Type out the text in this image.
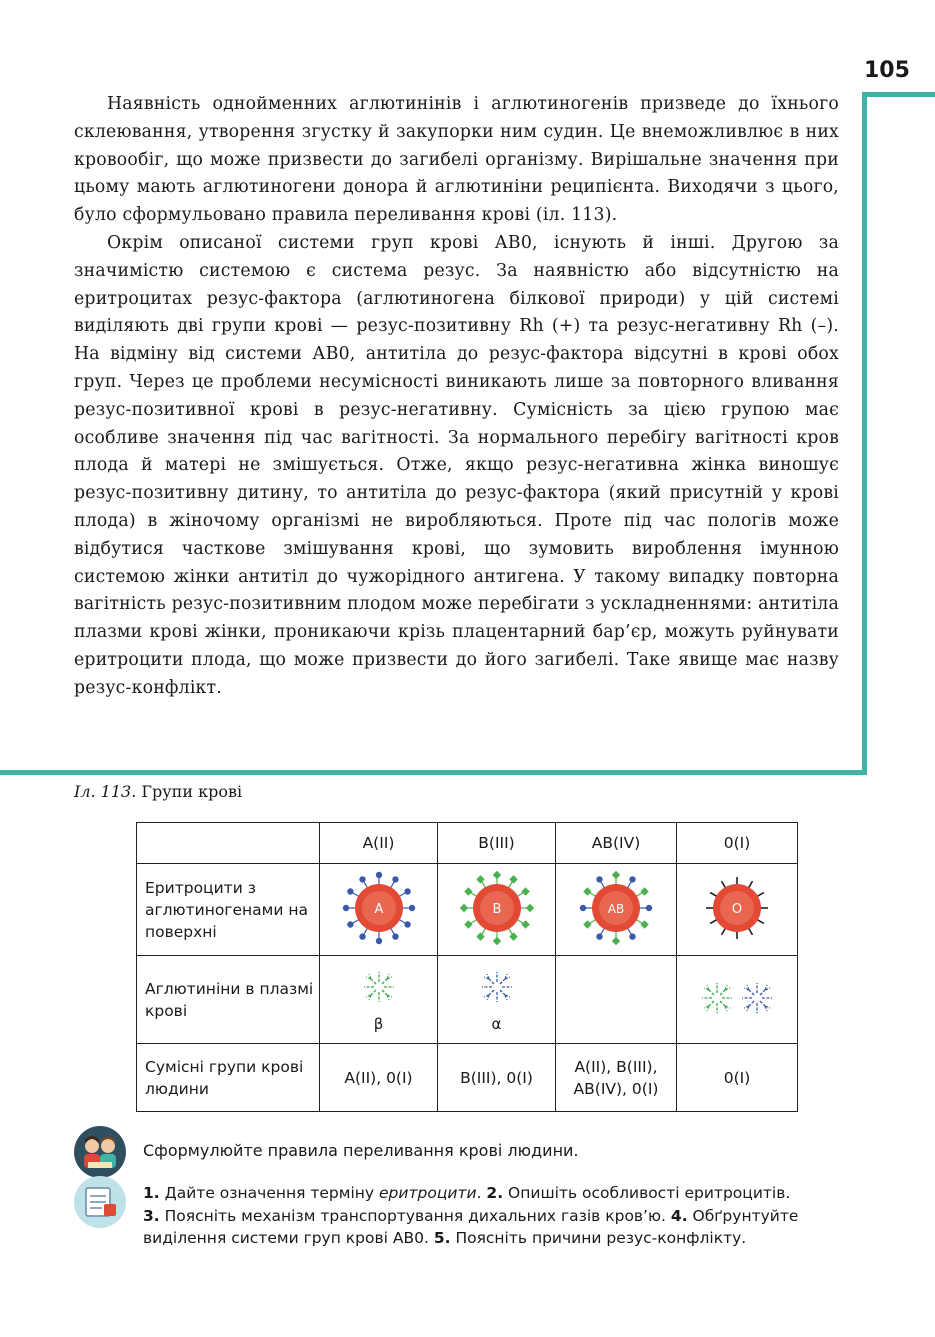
105

Наявність однойменних аглютинінів і аглютиногенів призведе до їхнього склеювання, утворення згустку й закупорки ним судин. Це внеможливлює в них кровообіг, що може призвести до загибелі організму. Вирішальне значення при цьому мають аглютиногени донора й аглютиніни реципієнта. Виходячи з цього, було сформульовано правила переливання крові (іл. 113).

Окрім описаної системи груп крові АВ0, існують й інші. Другою за значимістю системою є система резус. За наявністю або відсутністю на еритроцитах резус-фактора (аглютиногена білкової природи) у цій системі виділяють дві групи крові — резус-позитивну Rh (+) та резус-негативну Rh (–). На відміну від системи АВ0, антитіла до резус-фактора відсутні в крові обох груп. Через це проблеми несумісності виникають лише за повторного вливання резус-позитивної крові в резус-негативну. Сумісність за цією групою має особливе значення під час вагітності. За нормального перебігу вагітності кров плода й матері не змішується. Отже, якщо резус-негативна жінка виношує резус-позитивну дитину, то антитіла до резус-фактора (який присутній у крові плода) в жіночому організмі не виробляються. Проте під час пологів може відбутися часткове змішування крові, що зумовить вироблення імунною системою жінки антитіл до чужорідного антигена. У такому випадку повторна вагітність резус-позитивним плодом може перебігати з ускладненнями: антитіла плазми крові жінки, проникаючи крізь плацентарний бар’єр, можуть руйнувати еритроцити плода, що може призвести до його загибелі. Таке явище має назву резус-конфлікт.

Іл. 113. Групи крові
	A(II)	B(III)	AB(IV)	0(I)
Еритроцити з аглютиногенами на поверхні	A	B	AB	O

Аглютиніни в плазмі крові	β	α

Сумісні групи крові людини	A(II), 0(I)	B(III), 0(I)	A(II), B(III), AB(IV), 0(I)	0(I)
Сформулюйте правила переливання крові людини.
1. Дайте означення терміну еритроцити. 2. Опишіть особливості еритроцитів.
3. Поясніть механізм транспортування дихальних газів кров’ю. 4. Обґрунтуйте виділення системи груп крові АВ0. 5. Поясніть причини резус-конфлікту.
